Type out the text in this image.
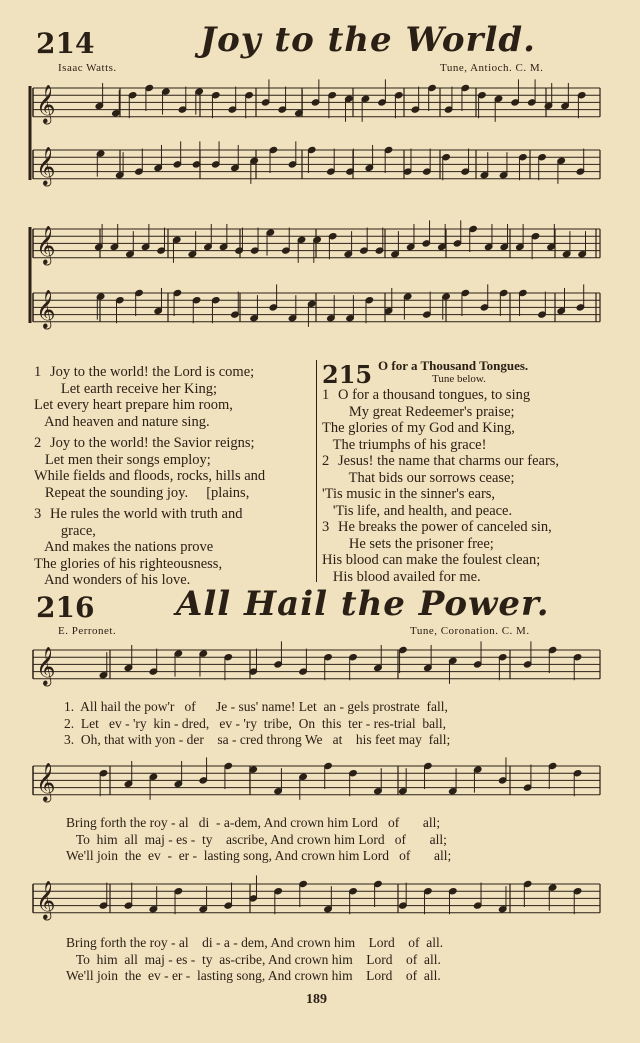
214	Joy to the World.
Isaac Watts.	Tune, Antioch. C. M.
𝄞
𝄞
𝄞
𝄞
𝄞
𝄞
𝄞
1 Joy to the world! the Lord is come;
Let earth receive her King;
Let every heart prepare him room,
And heaven and nature sing.
2 Joy to the world! the Savior reigns;
Let men their songs employ;
While fields and floods, rocks, hills and
Repeat the sounding joy.     [plains,
3 He rules the world with truth and
grace,
And makes the nations prove
The glories of his righteousness,
And wonders of his love.
215 O for a Thousand Tongues.
Tune below.
1 O for a thousand tongues, to sing
My great Redeemer's praise;
The glories of my God and King,
The triumphs of his grace!
2 Jesus! the name that charms our fears,
That bids our sorrows cease;
'Tis music in the sinner's ears,
'Tis life, and health, and peace.
3 He breaks the power of canceled sin,
He sets the prisoner free;
His blood can make the foulest clean;
His blood availed for me.
216 All Hail the Power.
E. Perronet.	Tune, Coronation. C. M.
1.  All hail the pow'r   of      Je - sus' name! Let  an - gels prostrate  fall,
2.  Let   ev - 'ry  kin - dred,   ev - 'ry  tribe,  On  this  ter - res-trial  ball,
3.  Oh, that with yon - der    sa - cred throng We   at    his feet may  fall;
Bring forth the roy - al   di  - a-dem, And crown him Lord   of       all;
To  him  all  maj - es -  ty    ascribe, And crown him Lord   of       all;
We'll join  the  ev  -  er -  lasting song, And crown him Lord   of       all;
Bring forth the roy - al    di - a - dem, And crown him    Lord    of  all.
To  him  all  maj - es -  ty  as-cribe, And crown him    Lord    of  all.
We'll join  the  ev - er -  lasting song, And crown him    Lord    of  all.
189
